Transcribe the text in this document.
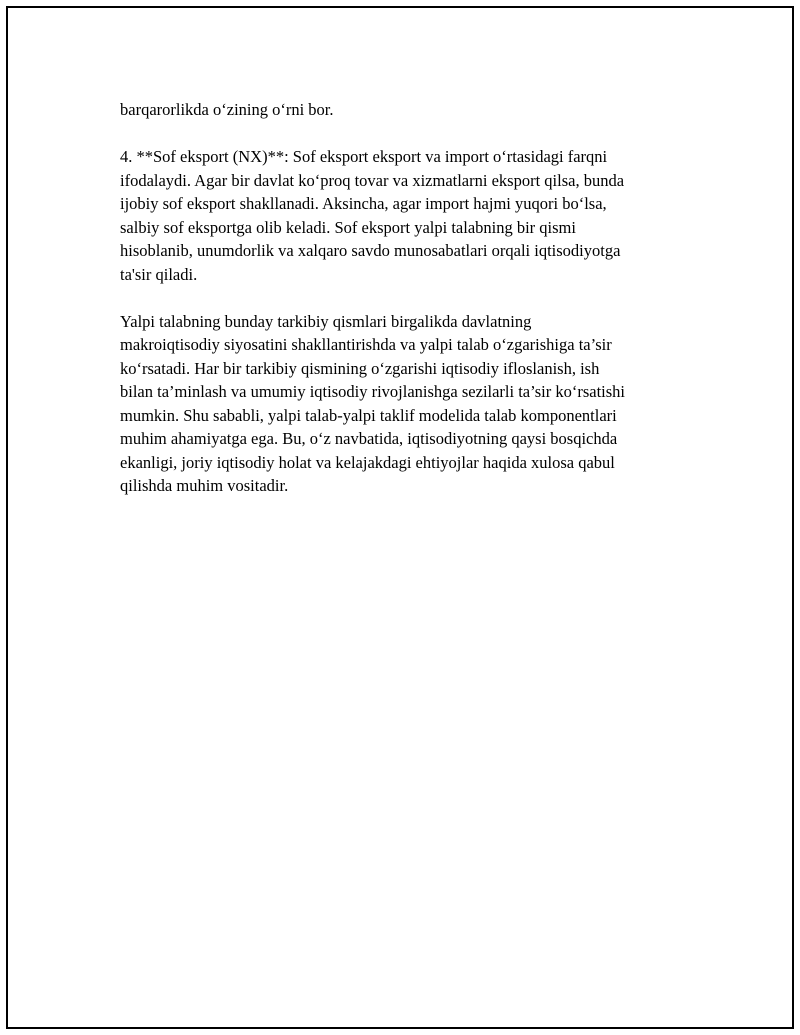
barqarorlikda oʻzining oʻrni bor.

4. **Sof eksport (NX)**: Sof eksport eksport va import oʻrtasidagi farqni
ifodalaydi. Agar bir davlat koʻproq tovar va xizmatlarni eksport qilsa, bunda
ijobiy sof eksport shakllanadi. Aksincha, agar import hajmi yuqori boʻlsa,
salbiy sof eksportga olib keladi. Sof eksport yalpi talabning bir qismi
hisoblanib, unumdorlik va xalqaro savdo munosabatlari orqali iqtisodiyotga
ta'sir qiladi.

Yalpi talabning bunday tarkibiy qismlari birgalikda davlatning
makroiqtisodiy siyosatini shakllantirishda va yalpi talab oʻzgarishiga ta’sir
koʻrsatadi. Har bir tarkibiy qismining oʻzgarishi iqtisodiy ifloslanish, ish
bilan ta’minlash va umumiy iqtisodiy rivojlanishga sezilarli ta’sir koʻrsatishi
mumkin. Shu sababli, yalpi talab-yalpi taklif modelida talab komponentlari
muhim ahamiyatga ega. Bu, oʻz navbatida, iqtisodiyotning qaysi bosqichda
ekanligi, joriy iqtisodiy holat va kelajakdagi ehtiyojlar haqida xulosa qabul
qilishda muhim vositadir.
